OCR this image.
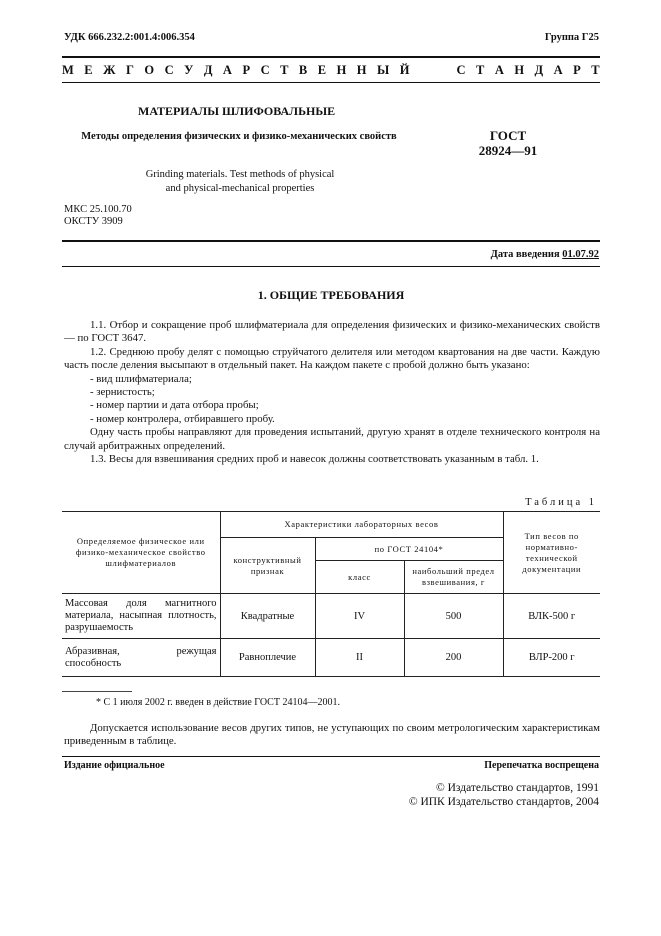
УДК 666.232.2:001.4:006.354	Группа Г25
М Е Ж Г О С У Д А Р С Т В Е Н Н Ы Й	С Т А Н Д А Р Т
МАТЕРИАЛЫ ШЛИФОВАЛЬНЫЕ
Методы определения физических и физико-механических свойств	ГОСТ
28924—91
Grinding materials. Test methods of physical
and physical-mechanical properties
МКС 25.100.70
ОКСТУ 3909
Дата введения 01.07.92
1. ОБЩИЕ ТРЕБОВАНИЯ

1.1. Отбор и сокращение проб шлифматериала для определения физических и физико-механических свойств — по ГОСТ 3647.

1.2. Среднюю пробу делят с помощью струйчатого делителя или методом квартования на две части. Каждую часть после деления высыпают в отдельный пакет. На каждом пакете с пробой должно быть указано:

- вид шлифматериала;

- зернистость;

- номер партии и дата отбора пробы;

- номер контролера, отбиравшего пробу.

Одну часть пробы направляют для проведения испытаний, другую хранят в отделе технического контроля на случай арбитражных определений.

1.3. Весы для взвешивания средних проб и навесок должны соответствовать указанным в табл. 1.

Таблица 1
Определяемое физическое или физико-механическое свойство шлифматериалов	Характеристики лабораторных весов			Тип весов по нормативно-технической документации
	конструктивный признак	по ГОСТ 24104*		
		класс	наибольший предел взвешивания, г	
Массовая доля магнитного материала, насыпная плотность, разрушаемость	Квадратные	IV	500	ВЛК-500 г
Абразивная, режущая способность	Равноплечие	II	200	ВЛР-200 г
* С 1 июля 2002 г. введен в действие ГОСТ 24104—2001.
Допускается использование весов других типов, не уступающих по своим метрологическим характеристикам приведенным в таблице.
Издание официальное	Перепечатка воспрещена
© Издательство стандартов, 1991
© ИПК Издательство стандартов, 2004
